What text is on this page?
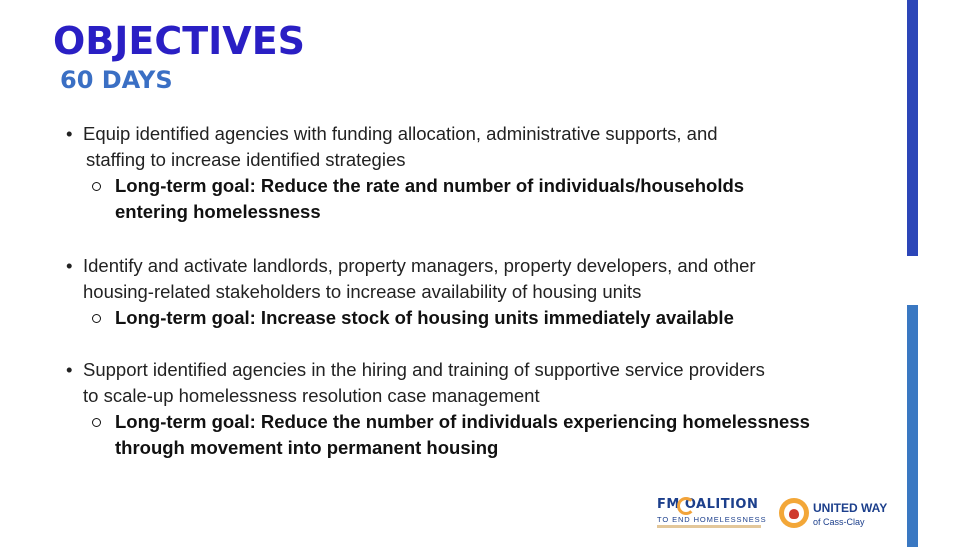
OBJECTIVES
60 DAYS
• Equip identified agencies with funding allocation, administrative supports, and
staffing to increase identified strategies
Long-term goal: Reduce the rate and number of individuals/households
entering homelessness
• Identify and activate landlords, property managers, property developers, and other
housing-related stakeholders to increase availability of housing units
Long-term goal: Increase stock of housing units immediately available
• Support identified agencies in the hiring and training of supportive service providers
to scale-up homelessness resolution case management
Long-term goal: Reduce the number of individuals experiencing homelessness
through movement into permanent housing
FM OALITION
TO END HOMELESSNESS
UNITED WAY
of Cass-Clay
